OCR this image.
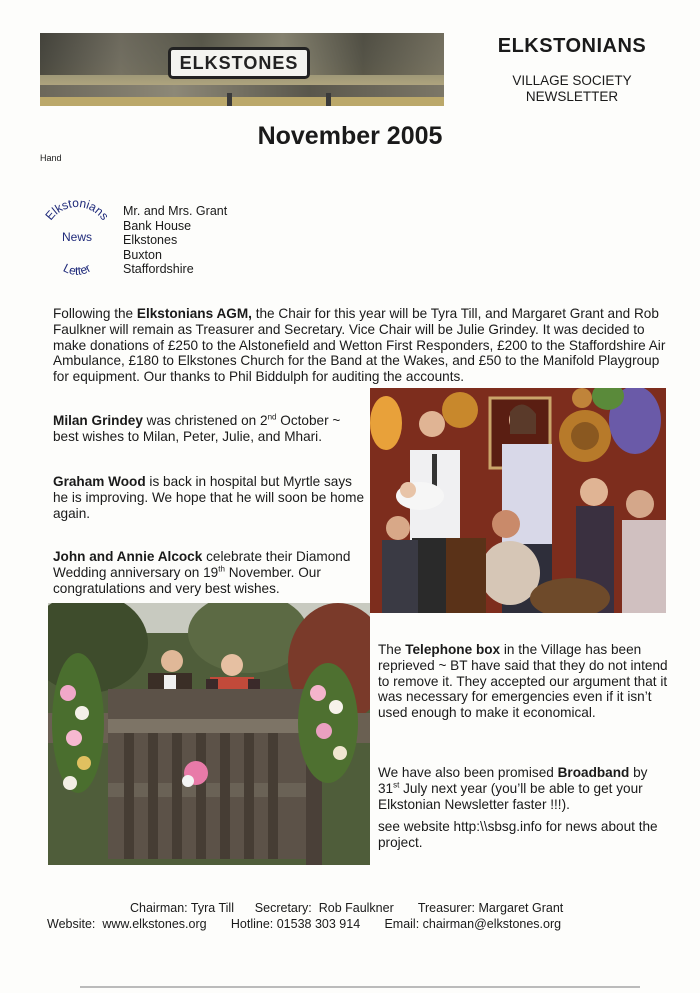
ELKSTONES
ELKSTONIANS
VILLAGE SOCIETY
NEWSLETTER
November 2005
Hand
Elkstonians
News
Letter
Mr. and Mrs. Grant
Bank House
Elkstones
Buxton
Staffordshire
Following the Elkstonians AGM, the Chair for this year will be Tyra Till, and Margaret Grant and Rob Faulkner will remain as Treasurer and Secretary. Vice Chair will be Julie Grindey. It was decided to make donations of £250 to the Alstonefield and Wetton First Responders, £200 to the Staffordshire Air Ambulance, £180 to Elkstones Church for the Band at the Wakes, and £50 to the Manifold Playgroup for equipment. Our thanks to Phil Biddulph for auditing the accounts.
Milan Grindey was christened on 2nd October ~ best wishes to Milan, Peter, Julie, and Mhari.
Graham Wood is back in hospital but Myrtle says he is improving. We hope that he will soon be home again.
John and Annie Alcock celebrate their Diamond Wedding anniversary on 19th November. Our congratulations and very best wishes.
The Telephone box in the Village has been reprieved ~ BT have said that they do not intend to remove it. They accepted our argument that it was necessary for emergencies even if it isn’t used enough to make it economical.
We have also been promised Broadband by 31st July next year (you’ll be able to get your Elkstonian Newsletter faster !!!).
see website http:\\sbsg.info for news about the project.
Chairman: Tyra Till      Secretary:  Rob Faulkner       Treasurer: Margaret Grant
Website:  www.elkstones.org       Hotline: 01538 303 914       Email: chairman@elkstones.org
